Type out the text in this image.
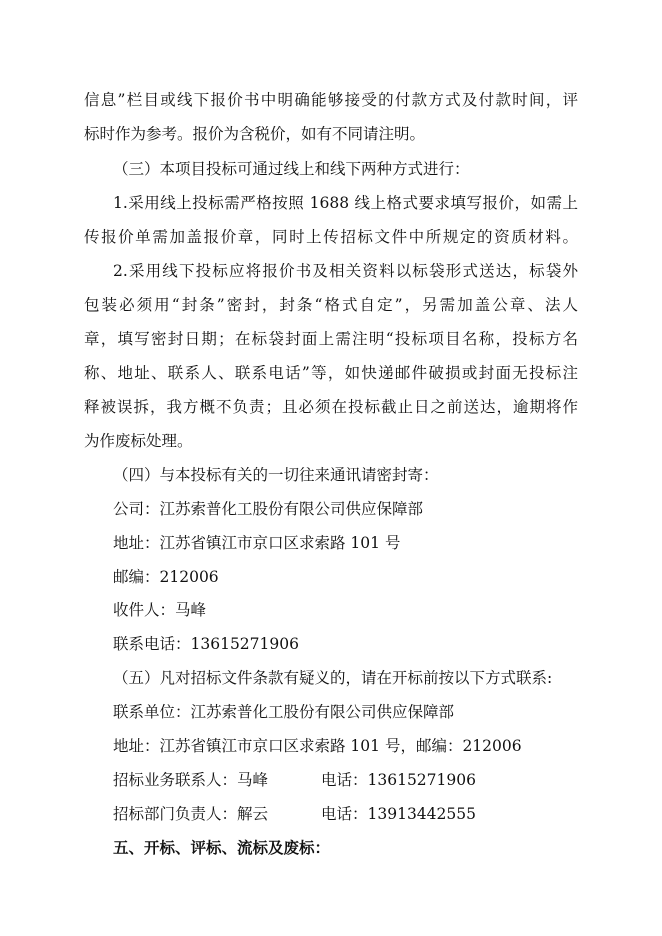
信息”栏目或线下报价书中明确能够接受的付款方式及付款时间，评
标时作为参考。报价为含税价，如有不同请注明。
（三）本项目投标可通过线上和线下两种方式进行：
1.采用线上投标需严格按照 1688 线上格式要求填写报价，如需上
传报价单需加盖报价章，同时上传招标文件中所规定的资质材料。
2.采用线下投标应将报价书及相关资料以标袋形式送达，标袋外
包装必须用“封条”密封，封条“格式自定”，另需加盖公章、法人
章，填写密封日期；在标袋封面上需注明“投标项目名称，投标方名
称、地址、联系人、联系电话”等，如快递邮件破损或封面无投标注
释被误拆，我方概不负责；且必须在投标截止日之前送达，逾期将作
为作废标处理。
（四）与本投标有关的一切往来通讯请密封寄：
公司：江苏索普化工股份有限公司供应保障部
地址：江苏省镇江市京口区求索路 101 号
邮编：212006
收件人：马峰
联系电话：13615271906
（五）凡对招标文件条款有疑义的，请在开标前按以下方式联系:
联系单位：江苏索普化工股份有限公司供应保障部
地址：江苏省镇江市京口区求索路 101 号，邮编：212006
招标业务联系人：马峰	电话：13615271906
招标部门负责人：解云	电话：13913442555
五、开标、评标、流标及废标：
